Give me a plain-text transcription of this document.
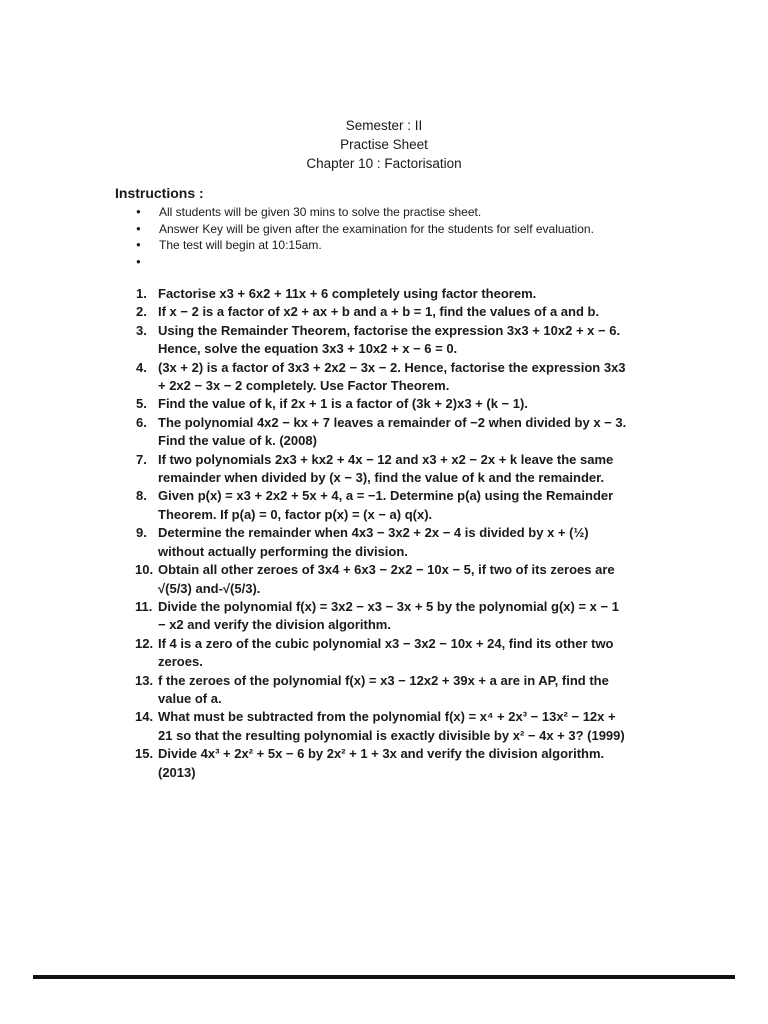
Semester : II
Practise Sheet
Chapter 10 : Factorisation
Instructions :
● All students will be given 30 mins to solve the practise sheet.
● Answer Key will be given after the examination for the students for self evaluation.
● The test will begin at 10:15am.
●
1. Factorise x3 + 6x2 + 11x + 6 completely using factor theorem.
2. If x − 2 is a factor of x2 + ax + b and a + b = 1, find the values of a and b.
3. Using the Remainder Theorem, factorise the expression 3x3 + 10x2 + x − 6.
Hence, solve the equation 3x3 + 10x2 + x − 6 = 0.
4. (3x + 2) is a factor of 3x3 + 2x2 − 3x − 2. Hence, factorise the expression 3x3
+ 2x2 − 3x − 2 completely. Use Factor Theorem.
5. Find the value of k, if 2x + 1 is a factor of (3k + 2)x3 + (k − 1).
6. The polynomial 4x2 − kx + 7 leaves a remainder of −2 when divided by x − 3.
Find the value of k. (2008)
7. If two polynomials 2x3 + kx2 + 4x − 12 and x3 + x2 − 2x + k leave the same
remainder when divided by (x − 3), find the value of k and the remainder.
8. Given p(x) = x3 + 2x2 + 5x + 4, a = −1. Determine p(a) using the Remainder
Theorem. If p(a) = 0, factor p(x) = (x − a) q(x).
9. Determine the remainder when 4x3 − 3x2 + 2x − 4 is divided by x + (½)
without actually performing the division.
10. Obtain all other zeroes of 3x4 + 6x3 − 2x2 − 10x − 5, if two of its zeroes are
√(5/3) and-√(5/3).
11. Divide the polynomial f(x) = 3x2 − x3 − 3x + 5 by the polynomial g(x) = x − 1
− x2 and verify the division algorithm.
12. If 4 is a zero of the cubic polynomial x3 − 3x2 − 10x + 24, find its other two
zeroes.
13. f the zeroes of the polynomial f(x) = x3 − 12x2 + 39x + a are in AP, find the
value of a.
14. What must be subtracted from the polynomial f(x) = x⁴ + 2x³ − 13x² − 12x +
21 so that the resulting polynomial is exactly divisible by x² − 4x + 3? (1999)
15. Divide 4x³ + 2x² + 5x − 6 by 2x² + 1 + 3x and verify the division algorithm.
(2013)
